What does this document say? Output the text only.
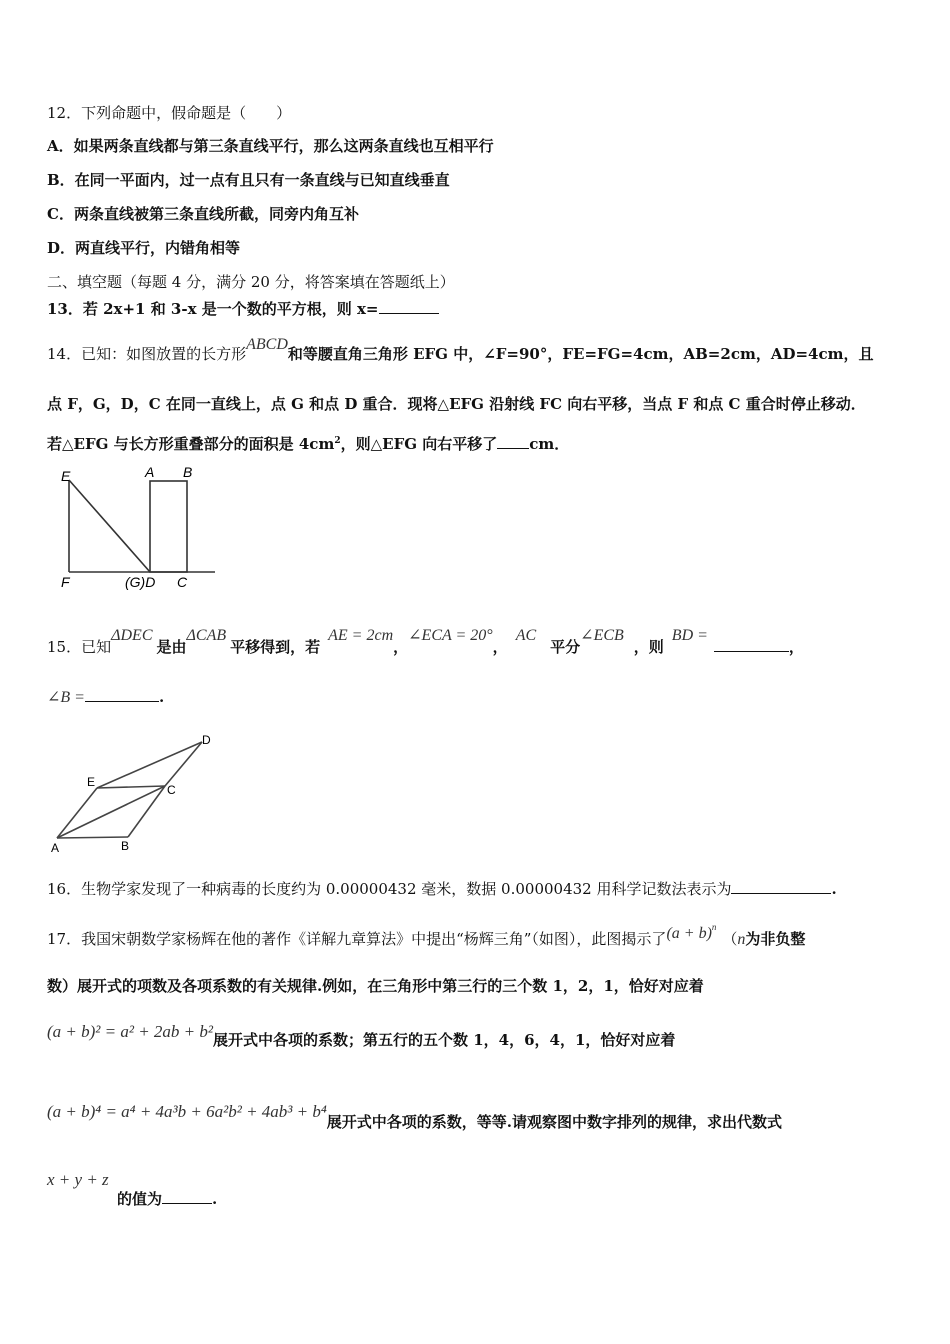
12．下列命题中，假命题是（　　）
A．如果两条直线都与第三条直线平行，那么这两条直线也互相平行
B．在同一平面内，过一点有且只有一条直线与已知直线垂直
C．两条直线被第三条直线所截，同旁内角互补
D．两直线平行，内错角相等
二、填空题（每题 4 分，满分 20 分，将答案填在答题纸上）
13．若 2x+1 和 3-x 是一个数的平方根，则 x=
14．已知：如图放置的长方形ABCD和等腰直角三角形 EFG 中，∠F=90°，FE=FG=4cm，AB=2cm，AD=4cm，且
点 F，G，D，C 在同一直线上，点 G 和点 D 重合．现将△EFG 沿射线 FC 向右平移，当点 F 和点 C 重合时停止移动．
若△EFG 与长方形重叠部分的面积是 $4cm^2$，则△EFG 向右平移了 cm．
E	A B
F	(G)D C
15．已知ΔDEC是由ΔCAB平移得到，若AE = 2cm，∠ECA = 20°，AC平分∠ECB，则BD =，
∠B =	.
D
E
C
A	B
16．生物学家发现了一种病毒的长度约为 0.00000432 毫米，数据 0.00000432 用科学记数法表示为	.
17．我国宋朝数学家杨辉在他的著作《详解九章算法》中提出“杨辉三角”（如图），此图揭示了$(a + b)^n(n$为非负整
数）展开式的项数及各项系数的有关规律.例如，在三角形中第三行的三个数 1，2，1，恰好对应着
(a + b)² = a² + 2ab + b²展开式中各项的系数；第五行的五个数 1，4，6，4，1，恰好对应着
(a + b)⁴ = a⁴ + 4a³b + 6a²b² + 4ab³ + b⁴展开式中各项的系数，等等.请观察图中数字排列的规律，求出代数式
x + y + z
的值为	.
